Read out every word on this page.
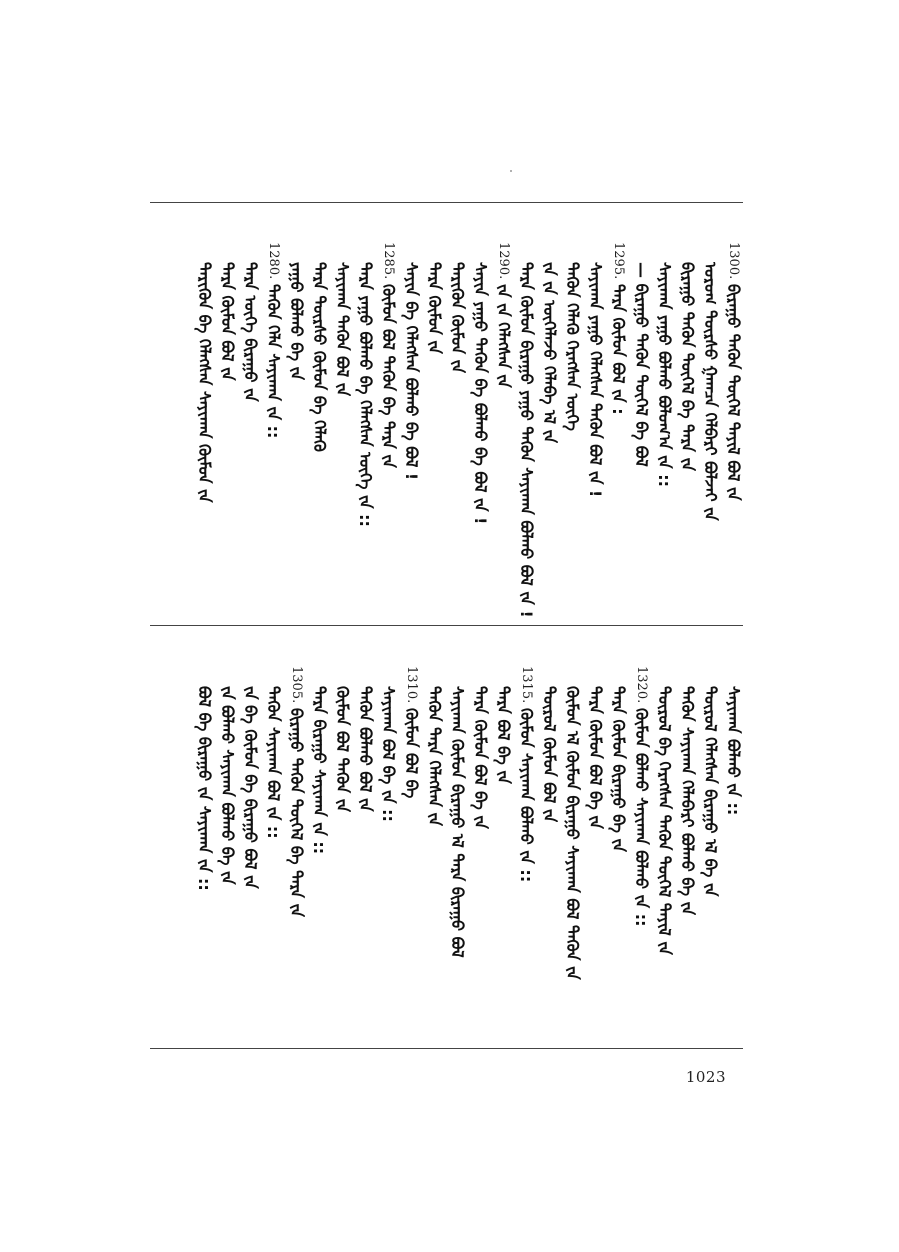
1300.
ᠪᠢᠷᠠᠭᠤ ᠲᠡᠭᠦᠨ ᠲᠦᠭᠡᠯ ᠲᠡᠶᠢᠯ ᠪᠣᠯ ᠵᠡ
ᠤᠷᠤᠭ ᠳᠦᠷᠰᠦ ᠭᠠᠭᠴᠠ ᠬᠡᠯᠪᠡᠷᠢ ᠪᠣᠯᠵᠠᠢ ᠵᠡ
ᠪᠢᠷᠠᠭᠤ ᠲᠡᠭᠦᠨ ᠲᠦᠭᠡᠯ ᠪᠠ ᠲᠡᠷᠡ ᠵᠡ
ᠰᠠᠶᠢᠬᠠᠨ ᠶᠠᠭᠤ ᠪᠣᠯᠬᠤ ᠪᠣᠯᠤᠭ᠎ᠠ ᠵᠡ ::
— ᠪᠢᠷᠠᠭᠤ ᠲᠡᠭᠦᠨ ᠲᠦᠭᠡᠯ ᠪᠠ ᠪᠣᠯ
1295.
ᠲᠡᠷᠡ ᠬᠦᠮᠦᠨ ᠪᠣᠯ ᠵᠡ :
ᠰᠠᠶᠢᠬᠠᠨ ᠶᠠᠭᠤ ᠬᠡᠯᠡᠭᠰᠡᠨ ᠲᠡᠭᠦᠨ ᠪᠣᠯ ᠵᠡ !
ᠲᠡᠭᠦᠨ ᠬᠡᠯᠡᠬᠦ ᠬᠡᠷᠡᠭᠰᠡᠨ ᠦᠭᠡ
ᠵᠡ ᠵᠡ ᠦᠭᠡᠯᠡᠵᠦ ᠬᠡᠯᠡᠪᠡ ᠡᠯ ᠵᠡ
ᠲᠡᠷᠡ ᠬᠦᠮᠦᠨ ᠪᠢᠷᠠᠭᠤ ᠶᠠᠭᠤ ᠲᠡᠭᠦᠨ ᠰᠠᠶᠢᠬᠠᠨ ᠪᠣᠯᠬᠤ ᠪᠣᠯ ᠵᠡ !
1290.
ᠵᠡ ᠵᠡ ᠬᠡᠯᠡᠭᠰᠡᠨ ᠵᠡ
ᠰᠠᠶᠢᠨ ᠶᠠᠭᠤ ᠲᠡᠭᠦᠨ ᠪᠠ ᠪᠣᠯᠬᠤ ᠪᠠ ᠪᠣᠯ ᠵᠡ !
ᠲᠡᠷᠢᠭᠦᠨ ᠬᠦᠮᠦᠨ ᠵᠡ
ᠲᠡᠷᠡ ᠬᠦᠮᠦᠨ ᠵᠡ
ᠰᠠᠶᠢᠨ ᠪᠠ ᠬᠡᠯᠡᠭᠰᠡᠨ ᠪᠣᠯᠬᠤ ᠪᠠ ᠪᠣᠯ !
1285.
ᠬᠦᠮᠦᠨ ᠪᠣᠯ ᠲᠡᠭᠦᠨ ᠪᠠ ᠲᠡᠷᠡ ᠵᠡ
ᠲᠡᠷᠡ ᠶᠠᠭᠤ ᠪᠣᠯᠬᠤ ᠪᠠ ᠬᠡᠯᠡᠭᠰᠡᠨ ᠦᠭᠡ ᠵᠡ ::
ᠰᠠᠶᠢᠬᠠᠨ ᠲᠡᠭᠦᠨ ᠪᠣᠯ ᠵᠡ
ᠲᠡᠷᠡ ᠳᠦᠷᠰᠦ ᠬᠦᠮᠦᠨ ᠪᠠ ᠬᠡᠯᠡᠬᠦ
ᠶᠠᠭᠤ ᠪᠣᠯᠬᠤ ᠪᠠ ᠵᠡ
1280.
ᠲᠡᠭᠦᠨ ᠬᠡᠯᠡ ᠰᠠᠶᠢᠬᠠᠨ ᠵᠡ ::
ᠲᠡᠷᠡ ᠦᠭᠡ ᠪᠢᠷᠠᠭᠤ ᠵᠡ
ᠲᠡᠷᠡ ᠬᠦᠮᠦᠨ ᠪᠣᠯ ᠵᠡ
ᠲᠡᠷᠢᠭᠦᠨ ᠪᠠ ᠬᠡᠯᠡᠭᠰᠡᠨ ᠰᠠᠶᠢᠬᠠᠨ ᠬᠦᠮᠦᠨ ᠵᠡ
ᠰᠠᠶᠢᠬᠠᠨ ᠪᠣᠯᠬᠤ ᠵᠡ ::
ᠲᠦᠷᠦᠯ ᠬᠡᠯᠡᠭᠰᠡᠨ ᠪᠢᠷᠠᠭᠤ ᠡᠯ ᠪᠠ ᠵᠡ
ᠲᠡᠭᠦᠨ ᠰᠠᠶᠢᠬᠠᠨ ᠬᠡᠯᠡᠪᠡᠷᠢ ᠪᠣᠯᠬᠤ ᠪᠠ ᠵᠡ
ᠲᠦᠷᠦᠯ ᠪᠠ ᠬᠡᠷᠡᠭᠰᠡᠨ ᠲᠡᠭᠦᠨ ᠲᠦᠭᠡᠯ ᠲᠡᠶᠢᠯ ᠵᠡ
1320.
ᠬᠦᠮᠦᠨ ᠪᠣᠯᠬᠤ ᠰᠠᠶᠢᠬᠠᠨ ᠪᠣᠯᠬᠤ ᠵᠡ ::
ᠲᠡᠷᠡ ᠬᠦᠮᠦᠨ ᠪᠢᠷᠠᠭᠤ ᠪᠠ ᠵᠡ
ᠲᠡᠷᠡ ᠬᠦᠮᠦᠨ ᠪᠣᠯ ᠪᠠ ᠵᠡ
ᠬᠦᠮᠦᠨ ᠡᠯ ᠬᠦᠮᠦᠨ ᠪᠢᠷᠠᠭᠤ ᠰᠠᠶᠢᠬᠠᠨ ᠪᠣᠯ ᠲᠡᠭᠦᠨ ᠵᠡ
ᠲᠦᠷᠦᠯ ᠬᠦᠮᠦᠨ ᠪᠣᠯ ᠵᠡ
1315.
ᠬᠦᠮᠦᠨ ᠰᠠᠶᠢᠬᠠᠨ ᠪᠣᠯᠬᠤ ᠵᠡ ::
ᠲᠡᠷᠡ ᠪᠣᠯ ᠪᠠ ᠵᠡ
ᠲᠡᠷᠡ ᠬᠦᠮᠦᠨ ᠪᠣᠯ ᠪᠠ ᠵᠡ
ᠰᠠᠶᠢᠬᠠᠨ ᠬᠦᠮᠦᠨ ᠪᠢᠷᠠᠭᠤ ᠡᠯ ᠲᠡᠷᠡ ᠪᠢᠷᠠᠭᠤ ᠪᠣᠯ
ᠲᠡᠭᠦᠨ ᠲᠡᠷᠡ ᠬᠡᠯᠡᠭᠰᠡᠨ ᠵᠡ
1310.
ᠬᠦᠮᠦᠨ ᠪᠣᠯ ᠪᠠ
ᠰᠠᠶᠢᠬᠠᠨ ᠪᠣᠯ ᠪᠠ ᠵᠡ ::
ᠲᠡᠭᠦᠨ ᠪᠣᠯᠬᠤ ᠪᠣᠯ ᠵᠡ
ᠬᠦᠮᠦᠨ ᠪᠣᠯ ᠲᠡᠭᠦᠨ ᠵᠡ
ᠲᠡᠷᠡ ᠪᠢᠷᠠᠭᠤ ᠰᠠᠶᠢᠬᠠᠨ ᠵᠡ ::
1305.
ᠪᠢᠷᠠᠭᠤ ᠲᠡᠭᠦᠨ ᠲᠦᠭᠡᠯ ᠪᠠ ᠲᠡᠷᠡ ᠵᠡ
ᠲᠡᠭᠦᠨ ᠰᠠᠶᠢᠬᠠᠨ ᠪᠣᠯ ᠵᠡ ::
ᠵᠡ ᠪᠠ ᠬᠦᠮᠦᠨ ᠪᠠ ᠪᠢᠷᠠᠭᠤ ᠪᠣᠯ ᠵᠡ
ᠵᠡ ᠪᠣᠯᠬᠤ ᠰᠠᠶᠢᠬᠠᠨ ᠪᠣᠯᠬᠤ ᠪᠠ ᠵᠡ
ᠪᠣᠯ ᠪᠠ ᠪᠢᠷᠠᠭᠤ ᠵᠡ ᠰᠠᠶᠢᠬᠠᠨ ᠵᠡ ::
1023
